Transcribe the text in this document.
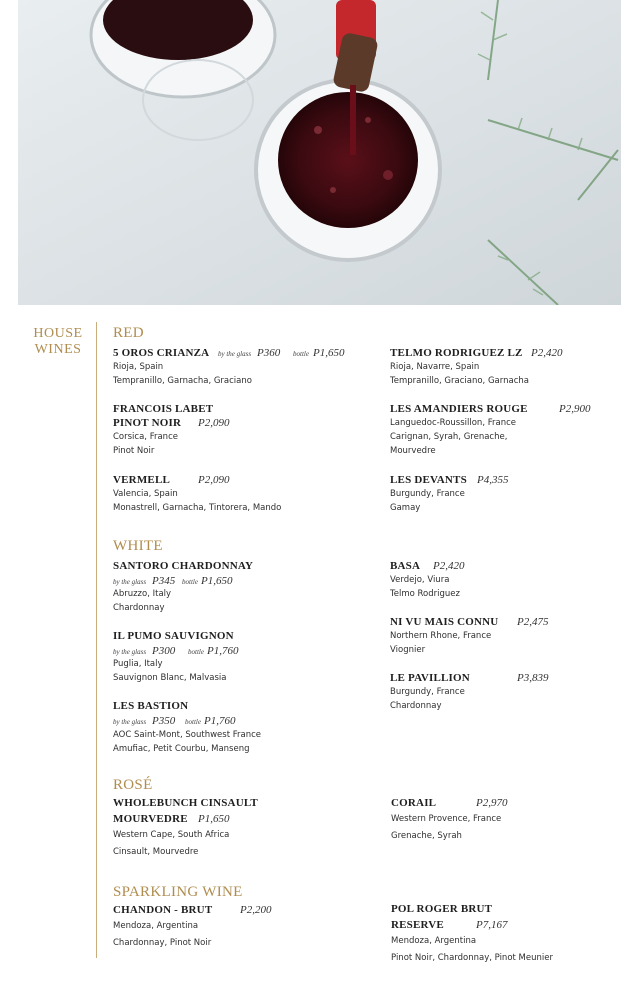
HOUSE
WINES
RED
5 OROS CRIANZA by the glass P360 bottle P1,650
Rioja, Spain
Tempranillo, Garnacha, Graciano
FRANCOIS LABET
PINOT NOIR P2,090
Corsica, France
Pinot Noir
VERMELL	P2,090
Valencia, Spain
Monastrell, Garnacha, Tintorera, Mando
TELMO RODRIGUEZ LZ P2,420
Rioja, Navarre, Spain
Tempranillo, Graciano, Garnacha
LES AMANDIERS ROUGE	P2,900
Languedoc-Roussillon, France
Carignan, Syrah, Grenache,
Mourvedre
LES DEVANTS P4,355
Burgundy, France
Gamay
WHITE
SANTORO CHARDONNAY
by the glass P345 bottle P1,650
Abruzzo, Italy
Chardonnay
IL PUMO SAUVIGNON
by the glass P300 bottle P1,760
Puglia, Italy
Sauvignon Blanc, Malvasia
LES BASTION
by the glass P350 bottle P1,760
AOC Saint-Mont, Southwest France
Amufiac, Petit Courbu, Manseng
BASA P2,420
Verdejo, Viura
Telmo Rodriguez
NI VU MAIS CONNU P2,475
Northern Rhone, France
Viognier
LE PAVILLION	P3,839
Burgundy, France
Chardonnay
ROSÉ
WHOLEBUNCH CINSAULT
MOURVEDRE P1,650
Western Cape, South Africa
Cinsault, Mourvedre
CORAIL	P2,970
Western Provence, France
Grenache, Syrah
SPARKLING WINE
CHANDON - BRUT	P2,200
Mendoza, Argentina
Chardonnay, Pinot Noir
POL ROGER BRUT
RESERVE	P7,167
Mendoza, Argentina
Pinot Noir, Chardonnay, Pinot Meunier
